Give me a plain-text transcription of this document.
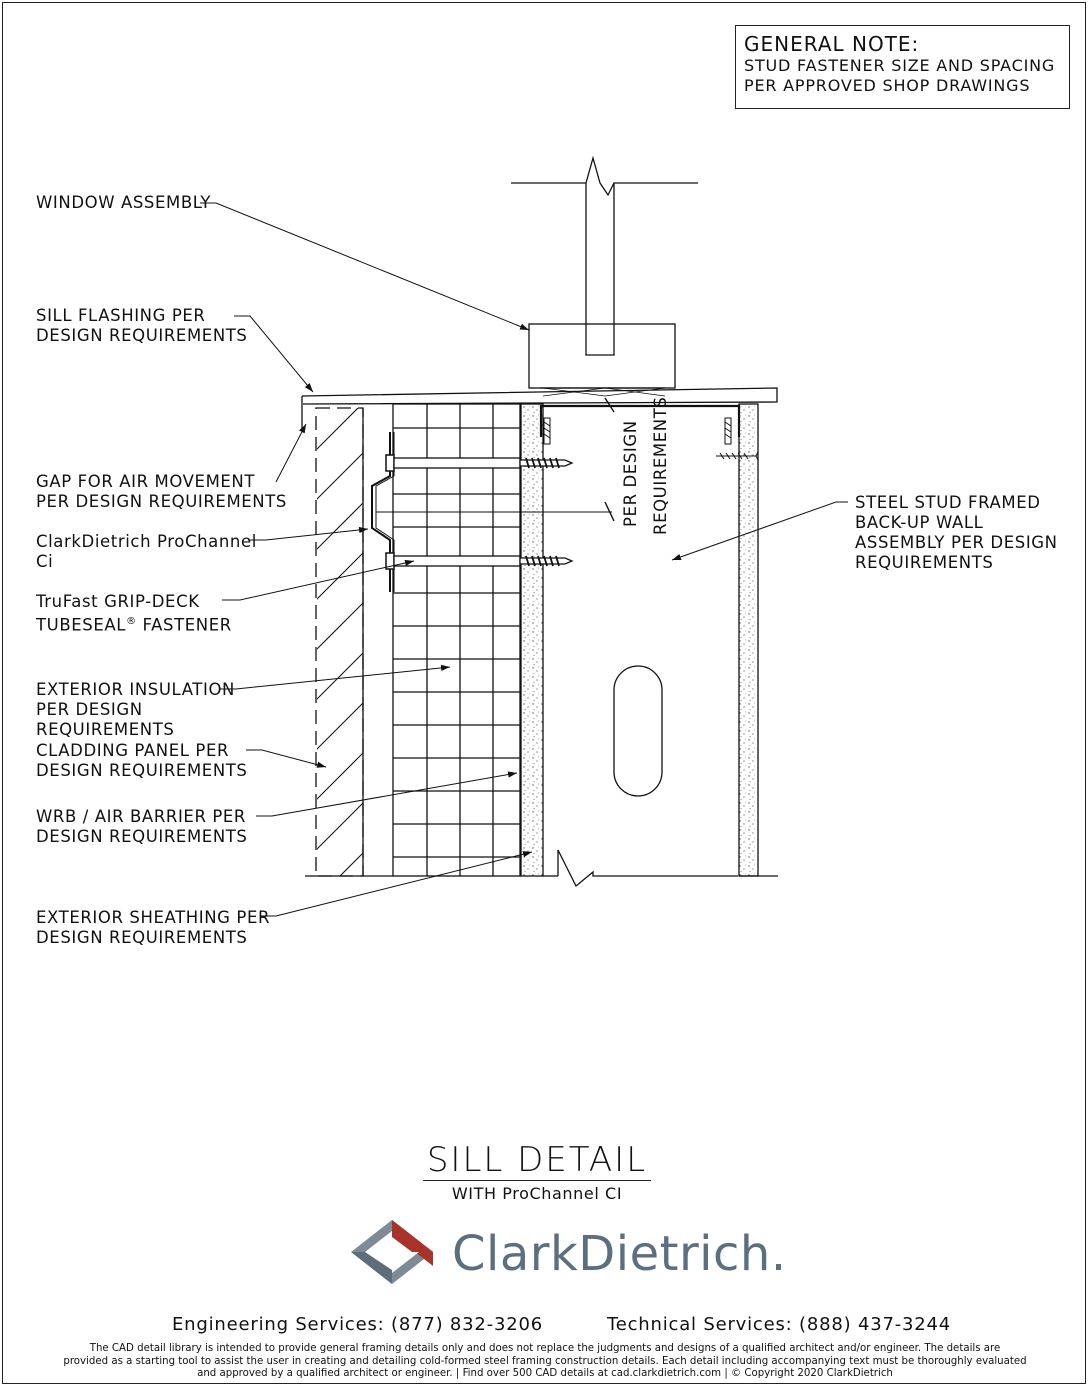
PER DESIGN REQUIREMENTS
GENERAL NOTE:
STUD FASTENER SIZE AND SPACING
PER APPROVED SHOP DRAWINGS
WINDOW ASSEMBLY
SILL FLASHING PER
DESIGN REQUIREMENTS
GAP FOR AIR MOVEMENT
PER DESIGN REQUIREMENTS
ClarkDietrich ProChannel
Ci
TruFast GRIP-DECK
TUBESEAL® FASTENER
EXTERIOR INSULATION
PER DESIGN
REQUIREMENTS
CLADDING PANEL PER
DESIGN REQUIREMENTS
WRB / AIR BARRIER PER
DESIGN REQUIREMENTS
EXTERIOR SHEATHING PER
DESIGN REQUIREMENTS
STEEL STUD FRAMED
BACK-UP WALL
ASSEMBLY PER DESIGN
REQUIREMENTS
SILL DETAIL
WITH ProChannel CI
ClarkDietrich.
Engineering Services: (877) 832-3206	Technical Services: (888) 437-3244
The CAD detail library is intended to provide general framing details only and does not replace the judgments and designs of a qualified architect and/or engineer. The details are
provided as a starting tool to assist the user in creating and detailing cold-formed steel framing construction details. Each detail including accompanying text must be thoroughly evaluated
and approved by a qualified architect or engineer. | Find over 500 CAD details at cad.clarkdietrich.com | © Copyright 2020 ClarkDietrich
